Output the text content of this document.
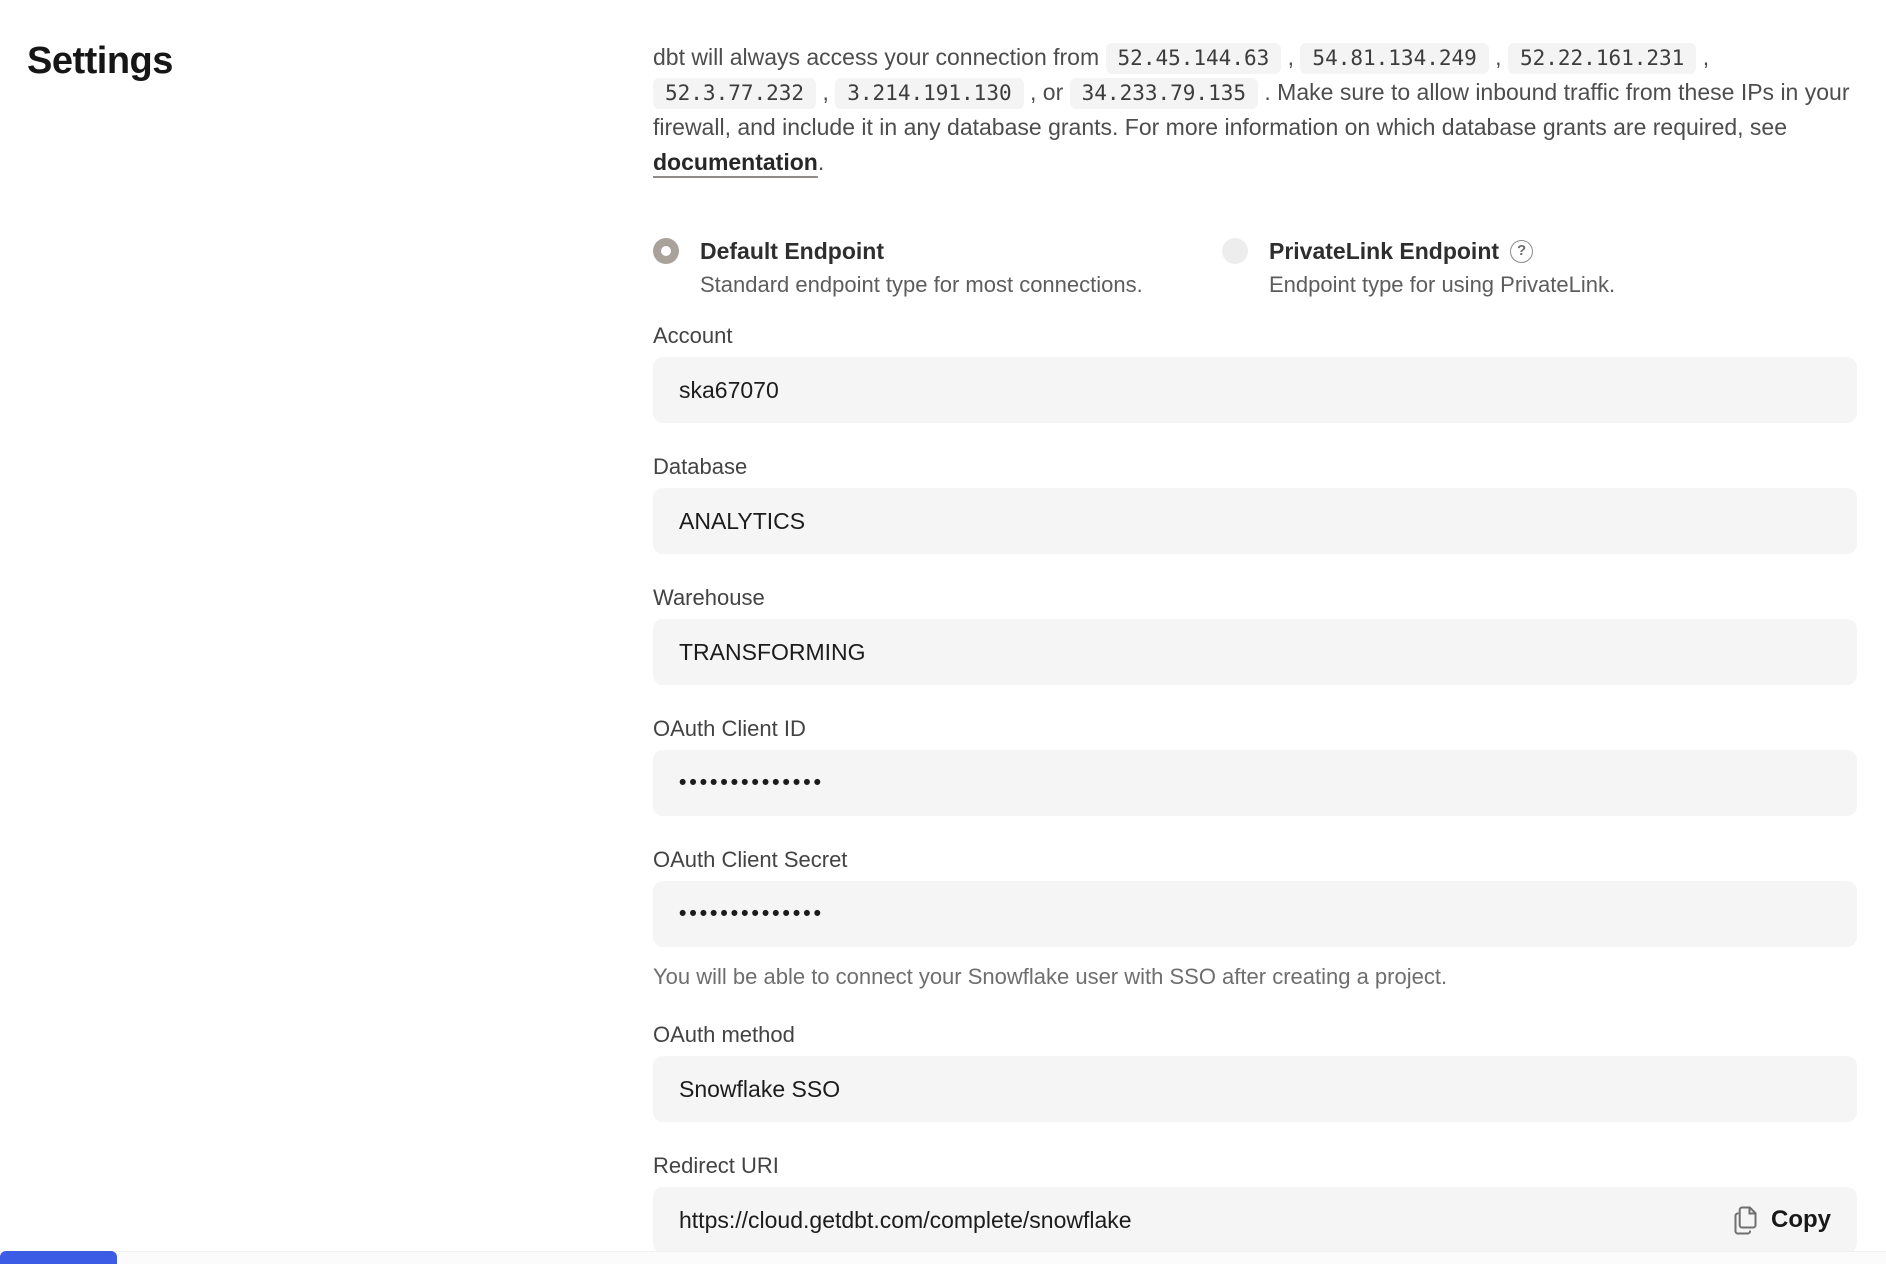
Settings	dbt will always access your connection from 52.45.144.63 , 54.81.134.249 , 52.22.161.231 , 52.3.77.232 , 3.214.191.130 , or 34.233.79.135 . Make sure to allow inbound traffic from these IPs in your firewall, and include it in any database grants. For more information on which database grants are required, see documentation.

Default Endpoint
Standard endpoint type for most connections.
PrivateLink Endpoint	?
Endpoint type for using PrivateLink.
Account
ska67070
Database
ANALYTICS
Warehouse
TRANSFORMING
OAuth Client ID
••••••••••••••
OAuth Client Secret
••••••••••••••
You will be able to connect your Snowflake user with SSO after creating a project.
OAuth method
Snowflake SSO
Redirect URI
https://cloud.getdbt.com/complete/snowflake	Copy
